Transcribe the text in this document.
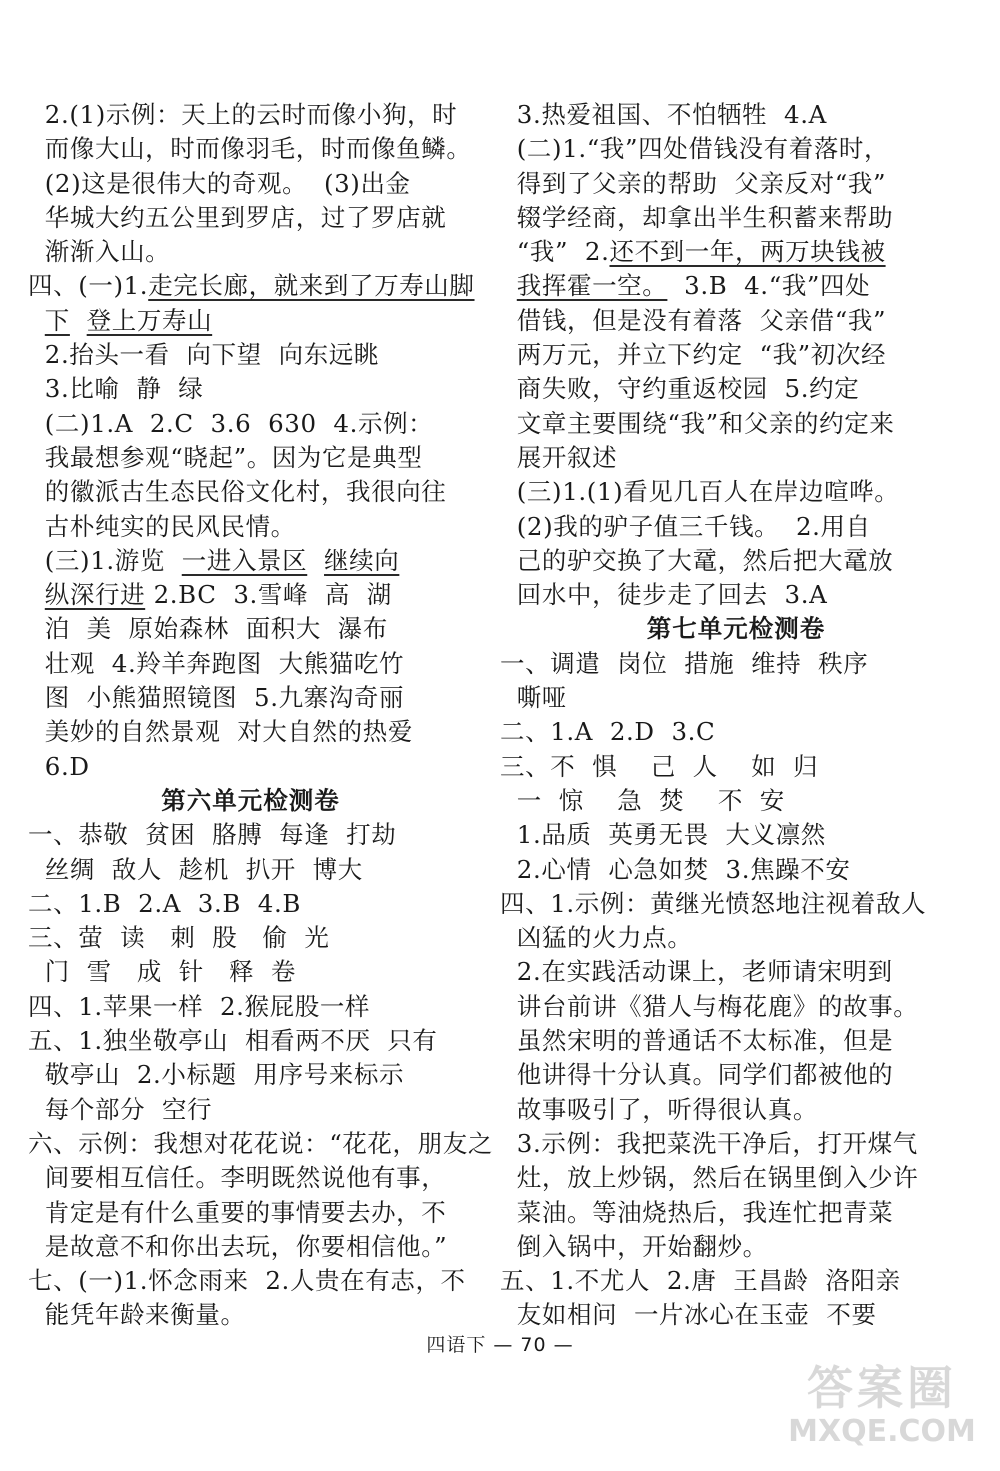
2.(1)示例：天上的云时而像小狗，时
而像大山，时而像羽毛，时而像鱼鳞。
(2)这是很伟大的奇观。  (3)出金
华城大约五公里到罗店，过了罗店就
渐渐入山。
四、(一)1.走完长廊，就来到了万寿山脚
下 登上万寿山
2.抬头一看  向下望  向东远眺
3.比喻  静  绿
(二)1.A  2.C  3.6  630  4.示例：
我最想参观“晓起”。因为它是典型
的徽派古生态民俗文化村，我很向往
古朴纯实的民风民情。
(三)1.游览  一进入景区 继续向
纵深行进 2.BC  3.雪峰  高  湖
泊  美  原始森林  面积大  瀑布
壮观  4.羚羊奔跑图  大熊猫吃竹
图  小熊猫照镜图  5.九寨沟奇丽
美妙的自然景观  对大自然的热爱
6.D
第六单元检测卷
一、恭敬  贫困  胳膊  每逢  打劫
丝绸  敌人  趁机  扒开  博大
二、1.B  2.A  3.B  4.B
三、萤  读   刺  股   偷  光
门  雪   成  针   释  卷
四、1.苹果一样  2.猴屁股一样
五、1.独坐敬亭山  相看两不厌  只有
敬亭山  2.小标题  用序号来标示
每个部分  空行
六、示例：我想对花花说：“花花，朋友之
间要相互信任。李明既然说他有事，
肯定是有什么重要的事情要去办，不
是故意不和你出去玩，你要相信他。”
七、(一)1.怀念雨来  2.人贵在有志，不
能凭年龄来衡量。
3.热爱祖国、不怕牺牲  4.A
(二)1.“我”四处借钱没有着落时，
得到了父亲的帮助  父亲反对“我”
辍学经商，却拿出半生积蓄来帮助
“我”  2.还不到一年，两万块钱被
我挥霍一空。  3.B  4.“我”四处
借钱，但是没有着落  父亲借“我”
两万元，并立下约定  “我”初次经
商失败，守约重返校园  5.约定
文章主要围绕“我”和父亲的约定来
展开叙述
(三)1.(1)看见几百人在岸边喧哗。
(2)我的驴子值三千钱。  2.用自
己的驴交换了大鼋，然后把大鼋放
回水中，徒步走了回去  3.A
第七单元检测卷
一、调遣  岗位  措施  维持  秩序
嘶哑
二、1.A  2.D  3.C
三、不  惧    己  人    如  归
一  惊    急  焚    不  安
1.品质  英勇无畏  大义凛然
2.心情  心急如焚  3.焦躁不安
四、1.示例：黄继光愤怒地注视着敌人
凶猛的火力点。
2.在实践活动课上，老师请宋明到
讲台前讲《猎人与梅花鹿》的故事。
虽然宋明的普通话不太标准，但是
他讲得十分认真。同学们都被他的
故事吸引了，听得很认真。
3.示例：我把菜洗干净后，打开煤气
灶，放上炒锅，然后在锅里倒入少许
菜油。等油烧热后，我连忙把青菜
倒入锅中，开始翻炒。
五、1.不尤人  2.唐  王昌龄  洛阳亲
友如相问  一片冰心在玉壶  不要
四语下 — 70 —
答案圈
MXQE.COM
